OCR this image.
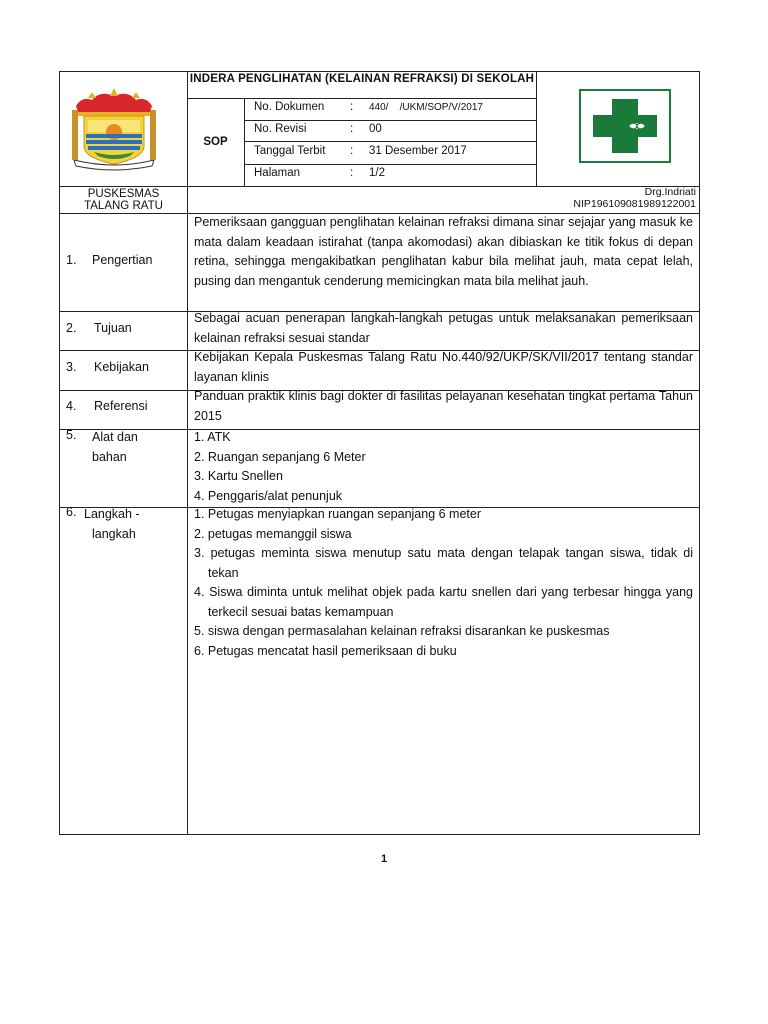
INDERA PENGLIHATAN (KELAINAN REFRAKSI) DI SEKOLAH
SOP
No. Dokumen : 440/    /UKM/SOP/V/2017
No. Revisi	: 00
Tanggal Terbit : 31 Desember 2017
Halaman	: 1/2
PUSKESMAS
TALANG RATU
Drg.Indriati
NIP196109081989122001
1. Pengertian
Pemeriksaan gangguan penglihatan kelainan refraksi dimana sinar sejajar yang masuk ke mata dalam keadaan istirahat (tanpa akomodasi) akan dibiaskan ke titik fokus di depan retina, sehingga mengakibatkan penglihatan kabur bila melihat jauh, mata cepat lelah, pusing dan mengantuk cenderung memicingkan mata bila melihat jauh.
2. Tujuan
Sebagai acuan penerapan langkah-langkah petugas untuk melaksanakan pemeriksaan kelainan refraksi sesuai standar
3. Kebijakan
Kebijakan Kepala Puskesmas Talang Ratu No.440/92/UKP/SK/VII/2017 tentang standar layanan klinis
4. Referensi
Panduan praktik klinis bagi dokter di fasilitas pelayanan kesehatan tingkat pertama Tahun 2015
5. Alat dan
bahan
1. ATK
2. Ruangan sepanjang 6 Meter
3. Kartu Snellen
4. Penggaris/alat penunjuk
6. Langkah -
langkah
1. Petugas menyiapkan ruangan sepanjang 6 meter
2. petugas memanggil siswa
3. petugas meminta siswa menutup satu mata dengan telapak tangan siswa, tidak di tekan
4. Siswa diminta untuk melihat objek pada kartu snellen dari yang terbesar hingga yang terkecil sesuai batas kemampuan
5. siswa dengan permasalahan kelainan refraksi disarankan ke puskesmas
6. Petugas mencatat hasil pemeriksaan di buku
1
